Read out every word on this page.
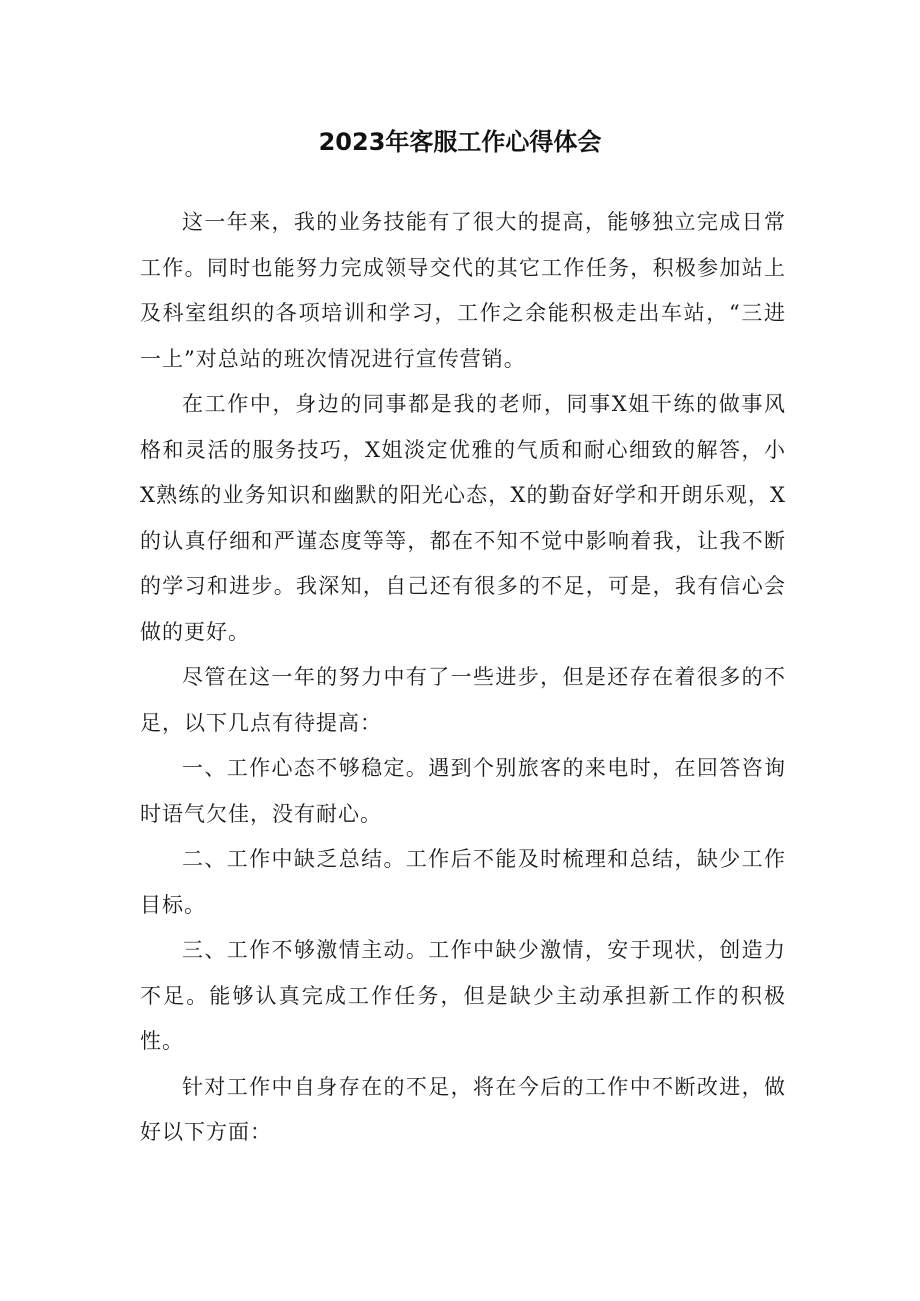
2023年客服工作心得体会

这一年来，我的业务技能有了很大的提高，能够独立完成日常工作。同时也能努力完成领导交代的其它工作任务，积极参加站上及科室组织的各项培训和学习，工作之余能积极走出车站，“三进一上”对总站的班次情况进行宣传营销。

在工作中，身边的同事都是我的老师，同事X姐干练的做事风格和灵活的服务技巧，X姐淡定优雅的气质和耐心细致的解答，小X熟练的业务知识和幽默的阳光心态，X的勤奋好学和开朗乐观，X的认真仔细和严谨态度等等，都在不知不觉中影响着我，让我不断的学习和进步。我深知，自己还有很多的不足，可是，我有信心会做的更好。

尽管在这一年的努力中有了一些进步，但是还存在着很多的不足，以下几点有待提高：

一、工作心态不够稳定。遇到个别旅客的来电时，在回答咨询时语气欠佳，没有耐心。

二、工作中缺乏总结。工作后不能及时梳理和总结，缺少工作目标。

三、工作不够激情主动。工作中缺少激情，安于现状，创造力不足。能够认真完成工作任务，但是缺少主动承担新工作的积极性。

针对工作中自身存在的不足，将在今后的工作中不断改进，做好以下方面：
